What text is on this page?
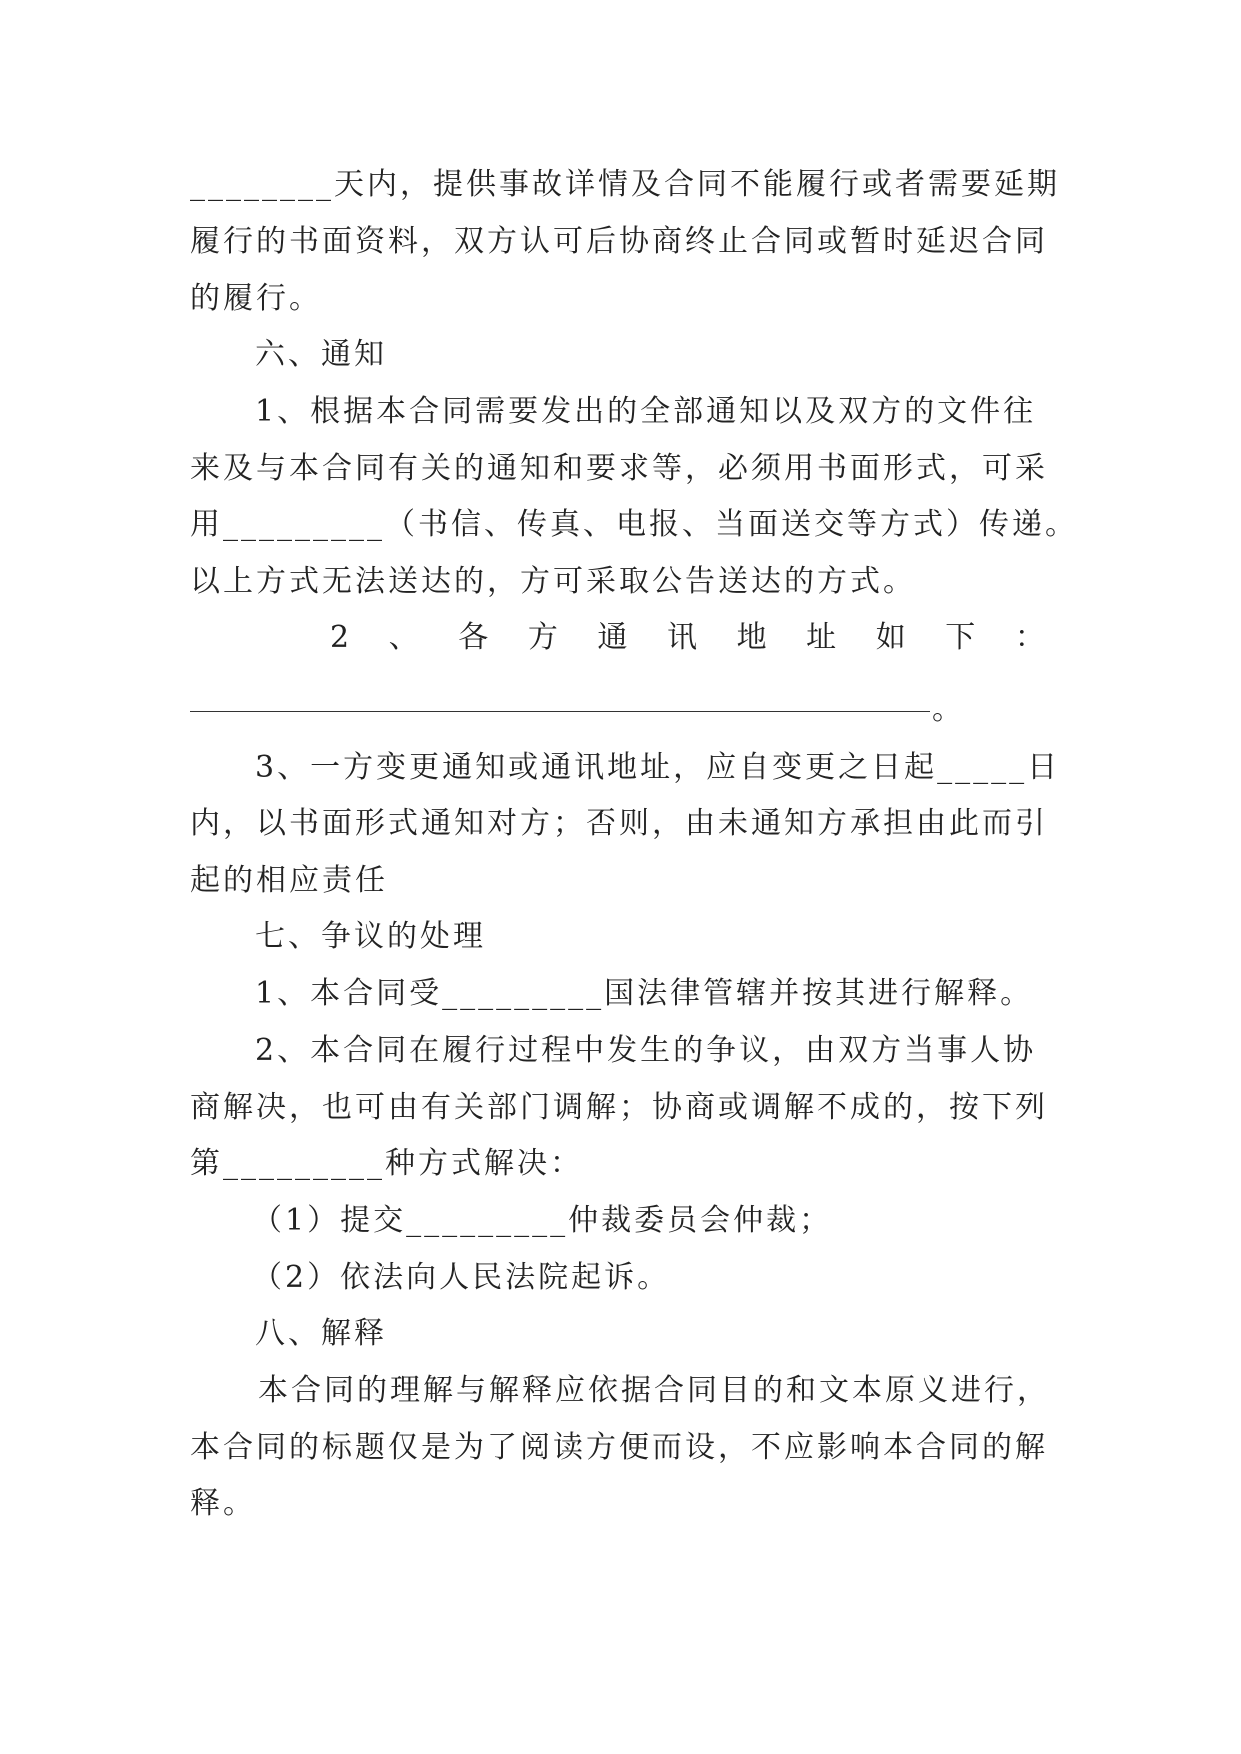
________天内，提供事故详情及合同不能履行或者需要延期
履行的书面资料，双方认可后协商终止合同或暂时延迟合同
的履行。
六、通知
1、根据本合同需要发出的全部通知以及双方的文件往
来及与本合同有关的通知和要求等，必须用书面形式，可采
用_________（书信、传真、电报、当面送交等方式）传递。
以上方式无法送达的，方可采取公告送达的方式。
2 、 各 方 通 讯 地 址 如 下 ：
。
3、一方变更通知或通讯地址，应自变更之日起_____日
内，以书面形式通知对方；否则，由未通知方承担由此而引
起的相应责任
七、争议的处理
1、本合同受_________国法律管辖并按其进行解释。
2、本合同在履行过程中发生的争议，由双方当事人协
商解决，也可由有关部门调解；协商或调解不成的，按下列
第_________种方式解决：
（1）提交_________仲裁委员会仲裁；
（2）依法向人民法院起诉。
八、解释
本合同的理解与解释应依据合同目的和文本原义进行，
本合同的标题仅是为了阅读方便而设，不应影响本合同的解
释。
